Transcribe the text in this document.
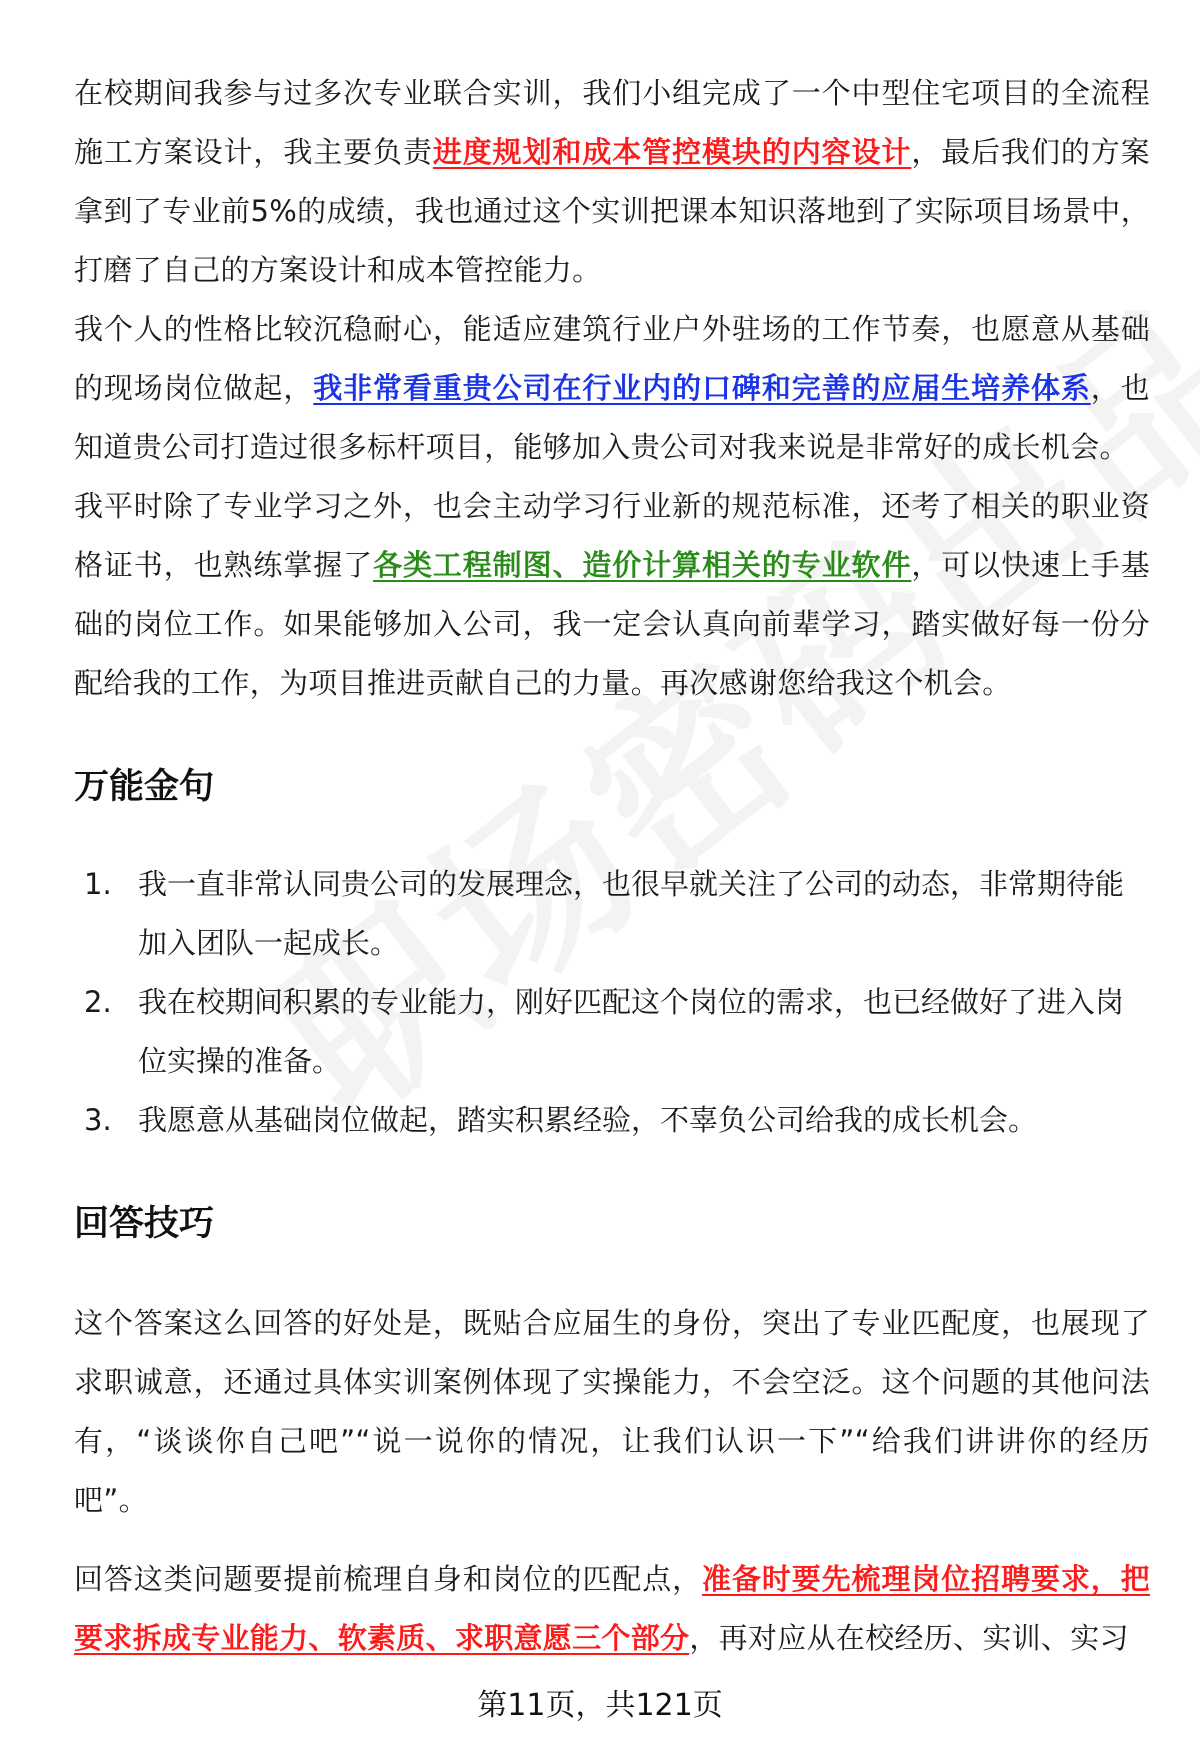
在校期间我参与过多次专业联合实训，我们小组完成了一个中型住宅项目的全流程施工方案设计，我主要负责进度规划和成本管控模块的内容设计，最后我们的方案拿到了专业前5%的成绩，我也通过这个实训把课本知识落地到了实际项目场景中，打磨了自己的方案设计和成本管控能力。

我个人的性格比较沉稳耐心，能适应建筑行业户外驻场的工作节奏，也愿意从基础的现场岗位做起，我非常看重贵公司在行业内的口碑和完善的应届生培养体系，也知道贵公司打造过很多标杆项目，能够加入贵公司对我来说是非常好的成长机会。

我平时除了专业学习之外，也会主动学习行业新的规范标准，还考了相关的职业资格证书，也熟练掌握了各类工程制图、造价计算相关的专业软件，可以快速上手基础的岗位工作。如果能够加入公司，我一定会认真向前辈学习，踏实做好每一份分配给我的工作，为项目推进贡献自己的力量。再次感谢您给我这个机会。

万能金句
1. 我一直非常认同贵公司的发展理念，也很早就关注了公司的动态，非常期待能加入团队一起成长。
2. 我在校期间积累的专业能力，刚好匹配这个岗位的需求，也已经做好了进入岗位实操的准备。
3. 我愿意从基础岗位做起，踏实积累经验，不辜负公司给我的成长机会。
回答技巧

这个答案这么回答的好处是，既贴合应届生的身份，突出了专业匹配度，也展现了求职诚意，还通过具体实训案例体现了实操能力，不会空泛。这个问题的其他问法有，“谈谈你自己吧”“说一说你的情况，让我们认识一下”“给我们讲讲你的经历吧”。

回答这类问题要提前梳理自身和岗位的匹配点，准备时要先梳理岗位招聘要求，把要求拆成专业能力、软素质、求职意愿三个部分，再对应从在校经历、实训、实习

第11页，共121页
